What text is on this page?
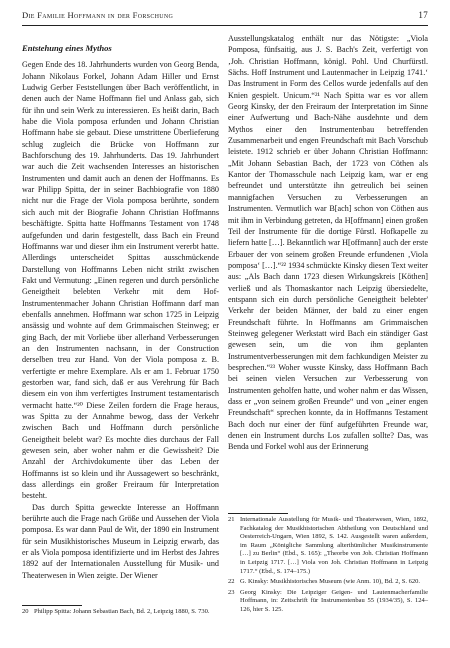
Die Familie Hoffmann in der Forschung	17

Entstehung eines Mythos

Gegen Ende des 18. Jahrhunderts wurden von Georg Benda, Johann Nikolaus Forkel, Johann Adam Hiller und Ernst Ludwig Gerber Feststellungen über Bach veröffentlicht, in denen auch der Name Hoffmann fiel und Anlass gab, sich für ihn und sein Werk zu interessieren. Es heißt darin, Bach habe die Viola pomposa erfunden und Johann Christian Hoffmann habe sie gebaut. Diese umstrittene Überlieferung schlug zugleich die Brücke von Hoffmann zur Bachforschung des 19. Jahrhunderts. Das 19. Jahrhundert war auch die Zeit wachsenden Interesses an historischen Instrumenten und damit auch an denen der Hoffmanns. Es war Philipp Spitta, der in seiner Bachbiografie von 1880 nicht nur die Frage der Viola pomposa berührte, sondern sich auch mit der Biografie Johann Christian Hoffmanns beschäftigte. Spitta hatte Hoffmanns Testament von 1748 aufgefunden und darin festgestellt, dass Bach ein Freund Hoffmanns war und dieser ihm ein Instrument vererbt hatte. Allerdings unterscheidet Spittas ausschmückende Darstellung von Hoffmanns Leben nicht strikt zwischen Fakt und Vermutung: „Einen regeren und durch persönliche Geneigtheit belebten Verkehr mit dem Hof-Instrumentenmacher Johann Christian Hoffmann darf man ebenfalls annehmen. Hoffmann war schon 1725 in Leipzig ansässig und wohnte auf dem Grimmaischen Steinweg; er ging Bach, der mit Vorliebe über allerhand Verbesserungen an den Instrumenten nachsann, in der Construction derselben treu zur Hand. Von der Viola pomposa z. B. verfertigte er mehre Exemplare. Als er am 1. Februar 1750 gestorben war, fand sich, daß er aus Verehrung für Bach diesem ein von ihm verfertigtes Instrument testamentarisch vermacht hatte.“²⁰ Diese Zeilen fordern die Frage heraus, was Spitta zu der Annahme bewog, dass der Verkehr zwischen Bach und Hoffmann durch persönliche Geneigtheit belebt war? Es mochte dies durchaus der Fall gewesen sein, aber woher nahm er die Gewissheit? Die Anzahl der Archivdokumente über das Leben der Hoffmanns ist so klein und ihr Aussagewert so beschränkt, dass allerdings ein großer Freiraum für Interpretation besteht.

Das durch Spitta geweckte Interesse an Hoffmann berührte auch die Frage nach Größe und Aussehen der Viola pomposa. Es war dann Paul de Wit, der 1890 ein Instrument für sein Musikhistorisches Museum in Leipzig erwarb, das er als Viola pomposa identifizierte und im Herbst des Jahres 1892 auf der Internationalen Ausstellung für Musik- und Theaterwesen in Wien zeigte. Der Wiener

Ausstellungskatalog enthält nur das Nötigste: „Viola Pomposa, fünfsaitig, aus J. S. Bach's Zeit, verfertigt von ‚Joh. Christian Hoffmann, königl. Pohl. Und Churfürstl. Sächs. Hoff Instrument und Lautenmacher in Leipzig 1741.‘ Das Instrument in Form des Cellos wurde jedenfalls auf den Knien gespielt. Unicum.“²¹ Nach Spitta war es vor allem Georg Kinsky, der den Freiraum der Interpretation im Sinne einer Aufwertung und Bach-Nähe ausdehnte und dem Mythos einer den Instrumentenbau betreffenden Zusammenarbeit und engen Freundschaft mit Bach Vorschub leistete. 1912 schrieb er über Johann Christian Hoffmann: „Mit Johann Sebastian Bach, der 1723 von Cöthen als Kantor der Thomasschule nach Leipzig kam, war er eng befreundet und unterstützte ihn getreulich bei seinen mannigfachen Versuchen zu Verbesserungen an Instrumenten. Vermutlich war B[ach] schon von Cöthen aus mit ihm in Verbindung getreten, da H[offmann] einen großen Teil der Instrumente für die dortige Fürstl. Hofkapelle zu liefern hatte […]. Bekanntlich war H[offmann] auch der erste Erbauer der von seinem großen Freunde erfundenen ‚Viola pomposa‘ […].“²² 1934 schmückte Kinsky diesen Text weiter aus: „Als Bach dann 1723 diesen Wirkungskreis [Köthen] verließ und als Thomaskantor nach Leipzig übersiedelte, entspann sich ein durch persönliche Geneigtheit belebter' Verkehr der beiden Männer, der bald zu einer engen Freundschaft führte. In Hoffmanns am Grimmaischen Steinweg gelegener Werkstatt wird Bach ein ständiger Gast gewesen sein, um die von ihm geplanten Instrumentverbesserungen mit dem fachkundigen Meister zu besprechen.“²³ Woher wusste Kinsky, dass Hoffmann Bach bei seinen vielen Versuchen zur Verbesserung von Instrumenten geholfen hatte, und woher nahm er das Wissen, dass er „von seinem großen Freunde“ und von „einer engen Freundschaft“ sprechen konnte, da in Hoffmanns Testament Bach doch nur einer der fünf aufgeführten Freunde war, denen ein Instrument durchs Los zufallen sollte? Das, was Benda und Forkel wohl aus der Erinnerung

20 Philipp Spitta: Johann Sebastian Bach, Bd. 2, Leipzig 1880, S. 730.
21 Internationale Ausstellung für Musik- und Theaterwesen, Wien, 1892, Fachkatalog der Musikhistorischen Abtheilung von Deutschland und Oesterreich-Ungarn, Wien 1892, S. 142. Ausgestellt waren außerdem, im Raum „Königliche Sammlung alterthümlicher Musikinstrumente […] zu Berlin“ (Ebd., S. 165): „Theorbe von Joh. Christian Hoffmann in Leipzig 1717. […] Viola von Joh. Christian Hoffmann in Leipzig 1717.“ (Ebd., S. 174–175.)
22 G. Kinsky: Musikhistorisches Museum (wie Anm. 10), Bd. 2, S. 620.
23 Georg Kinsky: Die Leipziger Geigen- und Lautenmacherfamilie Hoffmann, in: Zeitschrift für Instrumentenbau 55 (1934/35), S. 124–126, hier S. 125.
